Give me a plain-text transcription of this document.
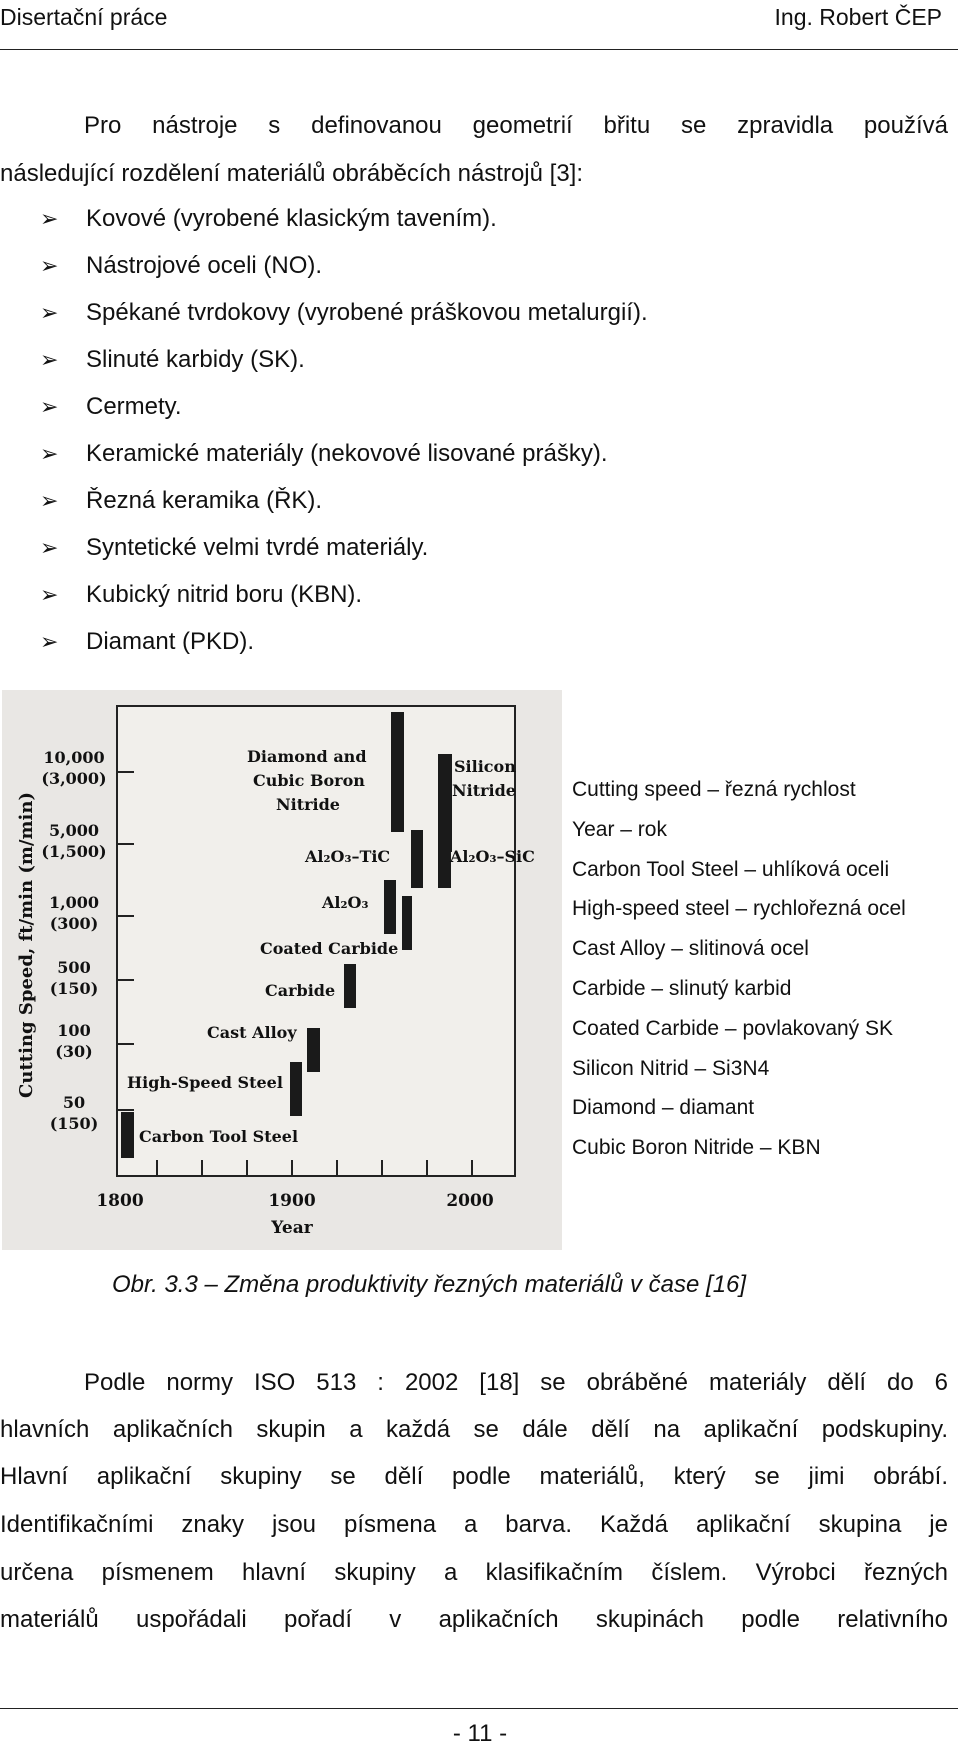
Disertační práce	Ing. Robert ČEP
Pro nástroje s definovanou geometrií břitu se zpravidla používá
následující rozdělení materiálů obráběcích nástrojů [3]:
➢ Kovové (vyrobené klasickým tavením).
➢ Nástrojové oceli (NO).
➢ Spékané tvrdokovy (vyrobené práškovou metalurgií).
➢ Slinuté karbidy (SK).
➢ Cermety.
➢ Keramické materiály (nekovové lisované prášky).
➢ Řezná keramika (ŘK).
➢ Syntetické velmi tvrdé materiály.
➢ Kubický nitrid boru (KBN).
➢ Diamant (PKD).
Cutting Speed, ft/min (m/min)
10,000
(3,000)
5,000
(1,500)
1,000
(300)
500
(150)
100
(30)
50
(150)
1800	1900	2000
Year
Diamond and
Cubic Boron
Nitride
Silicon
Nitride
Al₂O₃–TiC	Al₂O₃–SiC
Al₂O₃
Coated Carbide
Carbide
Cast Alloy
High-Speed Steel
Carbon Tool Steel
Cutting speed – řezná rychlost
Year – rok
Carbon Tool Steel – uhlíková oceli
High-speed steel – rychlořezná ocel
Cast Alloy – slitinová ocel
Carbide – slinutý karbid
Coated Carbide – povlakovaný SK
Silicon Nitrid – Si3N4
Diamond – diamant
Cubic Boron Nitride – KBN
Obr. 3.3 – Změna produktivity řezných materiálů v čase [16]
Podle normy ISO 513 : 2002 [18] se obráběné materiály dělí do 6
hlavních aplikačních skupin a každá se dále dělí na aplikační podskupiny.
Hlavní aplikační skupiny se dělí podle materiálů, který se jimi obrábí.
Identifikačními znaky jsou písmena a barva. Každá aplikační skupina je
určena písmenem hlavní skupiny a klasifikačním číslem. Výrobci řezných
materiálů uspořádali pořadí v aplikačních skupinách podle relativního
- 11 -
